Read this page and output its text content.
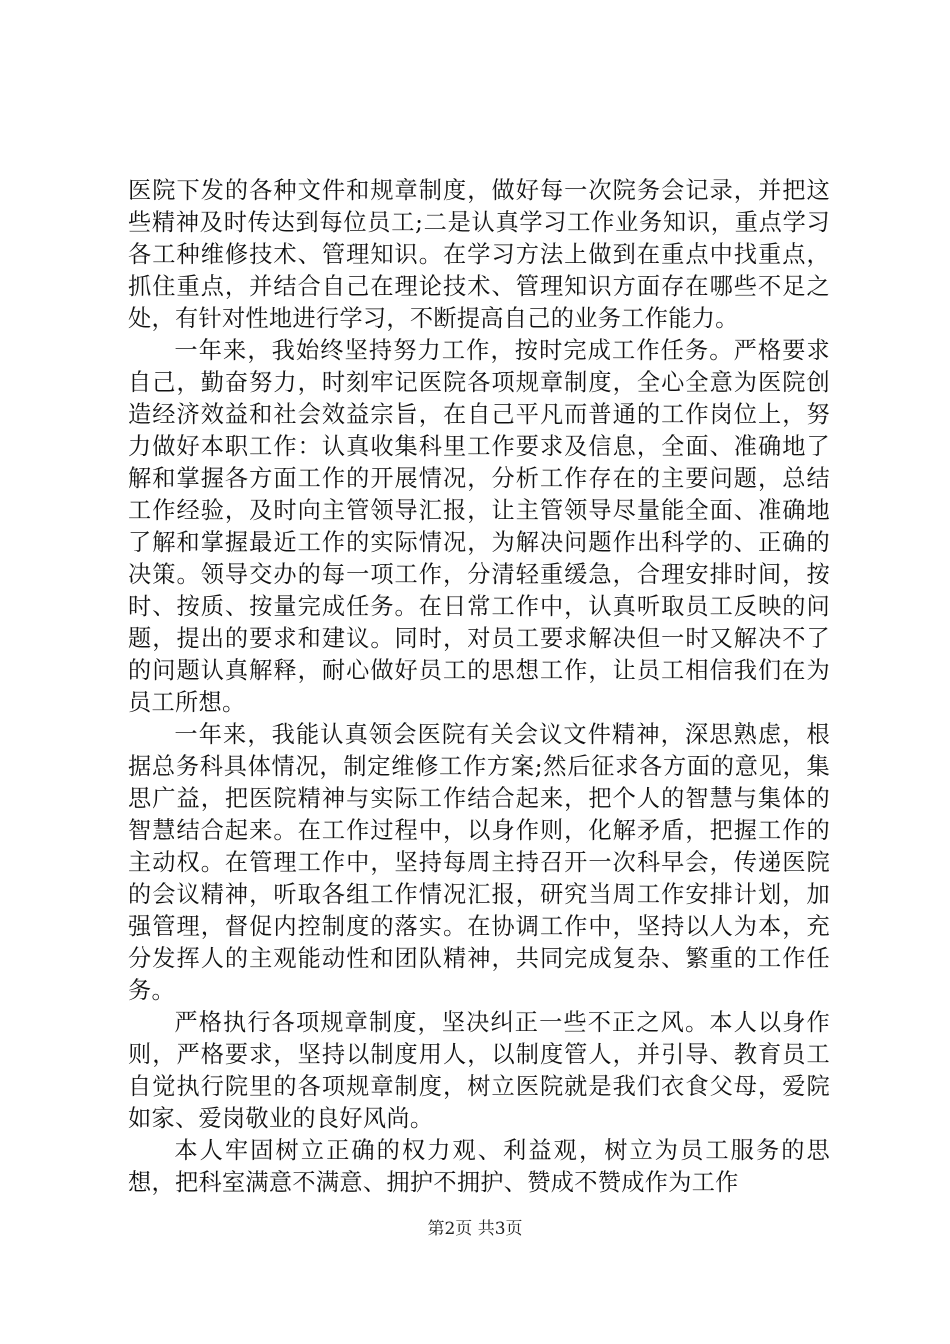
医院下发的各种文件和规章制度，做好每一次院务会记录，并把这些精神及时传达到每位员工;二是认真学习工作业务知识，重点学习各工种维修技术、管理知识。在学习方法上做到在重点中找重点，抓住重点，并结合自己在理论技术、管理知识方面存在哪些不足之处，有针对性地进行学习，不断提高自己的业务工作能力。

一年来，我始终坚持努力工作，按时完成工作任务。严格要求自己，勤奋努力，时刻牢记医院各项规章制度，全心全意为医院创造经济效益和社会效益宗旨，在自己平凡而普通的工作岗位上，努力做好本职工作：认真收集科里工作要求及信息，全面、准确地了解和掌握各方面工作的开展情况，分析工作存在的主要问题，总结工作经验，及时向主管领导汇报，让主管领导尽量能全面、准确地了解和掌握最近工作的实际情况，为解决问题作出科学的、正确的决策。领导交办的每一项工作，分清轻重缓急，合理安排时间，按时、按质、按量完成任务。在日常工作中，认真听取员工反映的问题，提出的要求和建议。同时，对员工要求解决但一时又解决不了的问题认真解释，耐心做好员工的思想工作，让员工相信我们在为员工所想。

一年来，我能认真领会医院有关会议文件精神，深思熟虑，根据总务科具体情况，制定维修工作方案;然后征求各方面的意见，集思广益，把医院精神与实际工作结合起来，把个人的智慧与集体的智慧结合起来。在工作过程中，以身作则，化解矛盾，把握工作的主动权。在管理工作中，坚持每周主持召开一次科早会，传递医院的会议精神，听取各组工作情况汇报，研究当周工作安排计划，加强管理，督促内控制度的落实。在协调工作中，坚持以人为本，充分发挥人的主观能动性和团队精神，共同完成复杂、繁重的工作任务。

严格执行各项规章制度，坚决纠正一些不正之风。本人以身作则，严格要求，坚持以制度用人，以制度管人，并引导、教育员工自觉执行院里的各项规章制度，树立医院就是我们衣食父母，爱院如家、爱岗敬业的良好风尚。

本人牢固树立正确的权力观、利益观，树立为员工服务的思想，把科室满意不满意、拥护不拥护、赞成不赞成作为工作

第2页 共3页
